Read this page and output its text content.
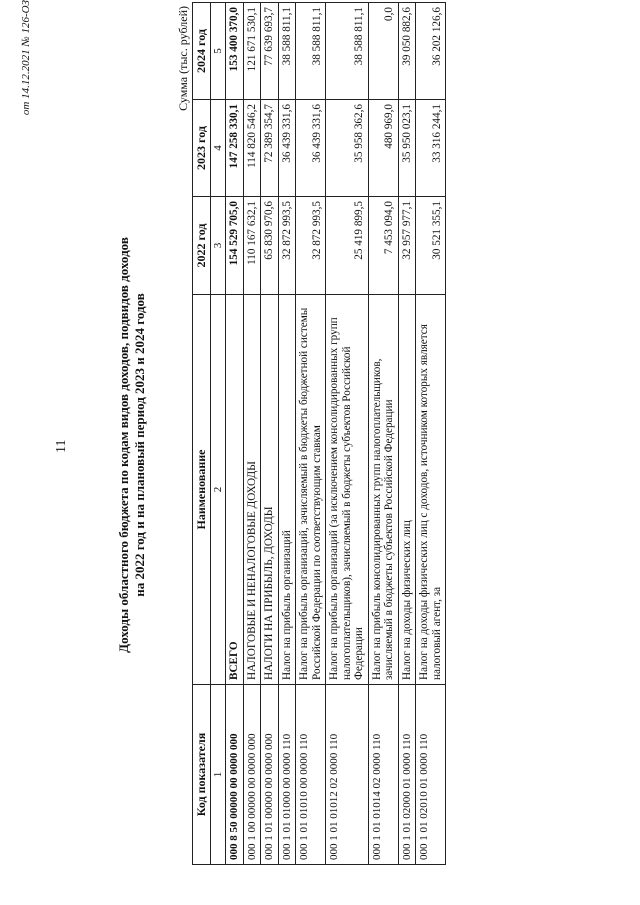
от 14.12.2021 № 126-ОЗ
11	Доходы областного бюджета по кодам видов доходов, подвидов доходов на 2022 год и на плановый период 2023 и 2024 годов
Сумма (тыс. рублей)
Код показателя	Наименование	2022 год	2023 год	2024 год
1	2	3	4	5
000 8 50 00000 00 0000 000	ВСЕГО	154 529 705,0	147 258 330,1	153 400 370,0
000 1 00 00000 00 0000 000	НАЛОГОВЫЕ И НЕНАЛОГОВЫЕ ДОХОДЫ	110 167 632,1	114 820 546,2	121 671 530,1
000 1 01 00000 00 0000 000	НАЛОГИ НА ПРИБЫЛЬ, ДОХОДЫ	65 830 970,6	72 389 354,7	77 639 693,7
000 1 01 01000 00 0000 110	Налог на прибыль организаций	32 872 993,5	36 439 331,6	38 588 811,1
000 1 01 01010 00 0000 110	Налог на прибыль организаций, зачисляемый в бюджеты бюджетной системы Российской Федерации по соответствующим ставкам	32 872 993,5	36 439 331,6	38 588 811,1
000 1 01 01012 02 0000 110	Налог на прибыль организаций (за исключением консолидированных групп налогоплательщиков), зачисляемый в бюджеты субъектов Российской Федерации	25 419 899,5	35 958 362,6	38 588 811,1
000 1 01 01014 02 0000 110	Налог на прибыль консолидированных групп налогоплательщиков, зачисляемый в бюджеты субъектов Российской Федерации	7 453 094,0	480 969,0	0,0
000 1 01 02000 01 0000 110	Налог на доходы физических лиц	32 957 977,1	35 950 023,1	39 050 882,6
000 1 01 02010 01 0000 110	Налог на доходы физических лиц с доходов, источником которых является налоговый агент, за	30 521 355,1	33 316 244,1	36 202 126,6
